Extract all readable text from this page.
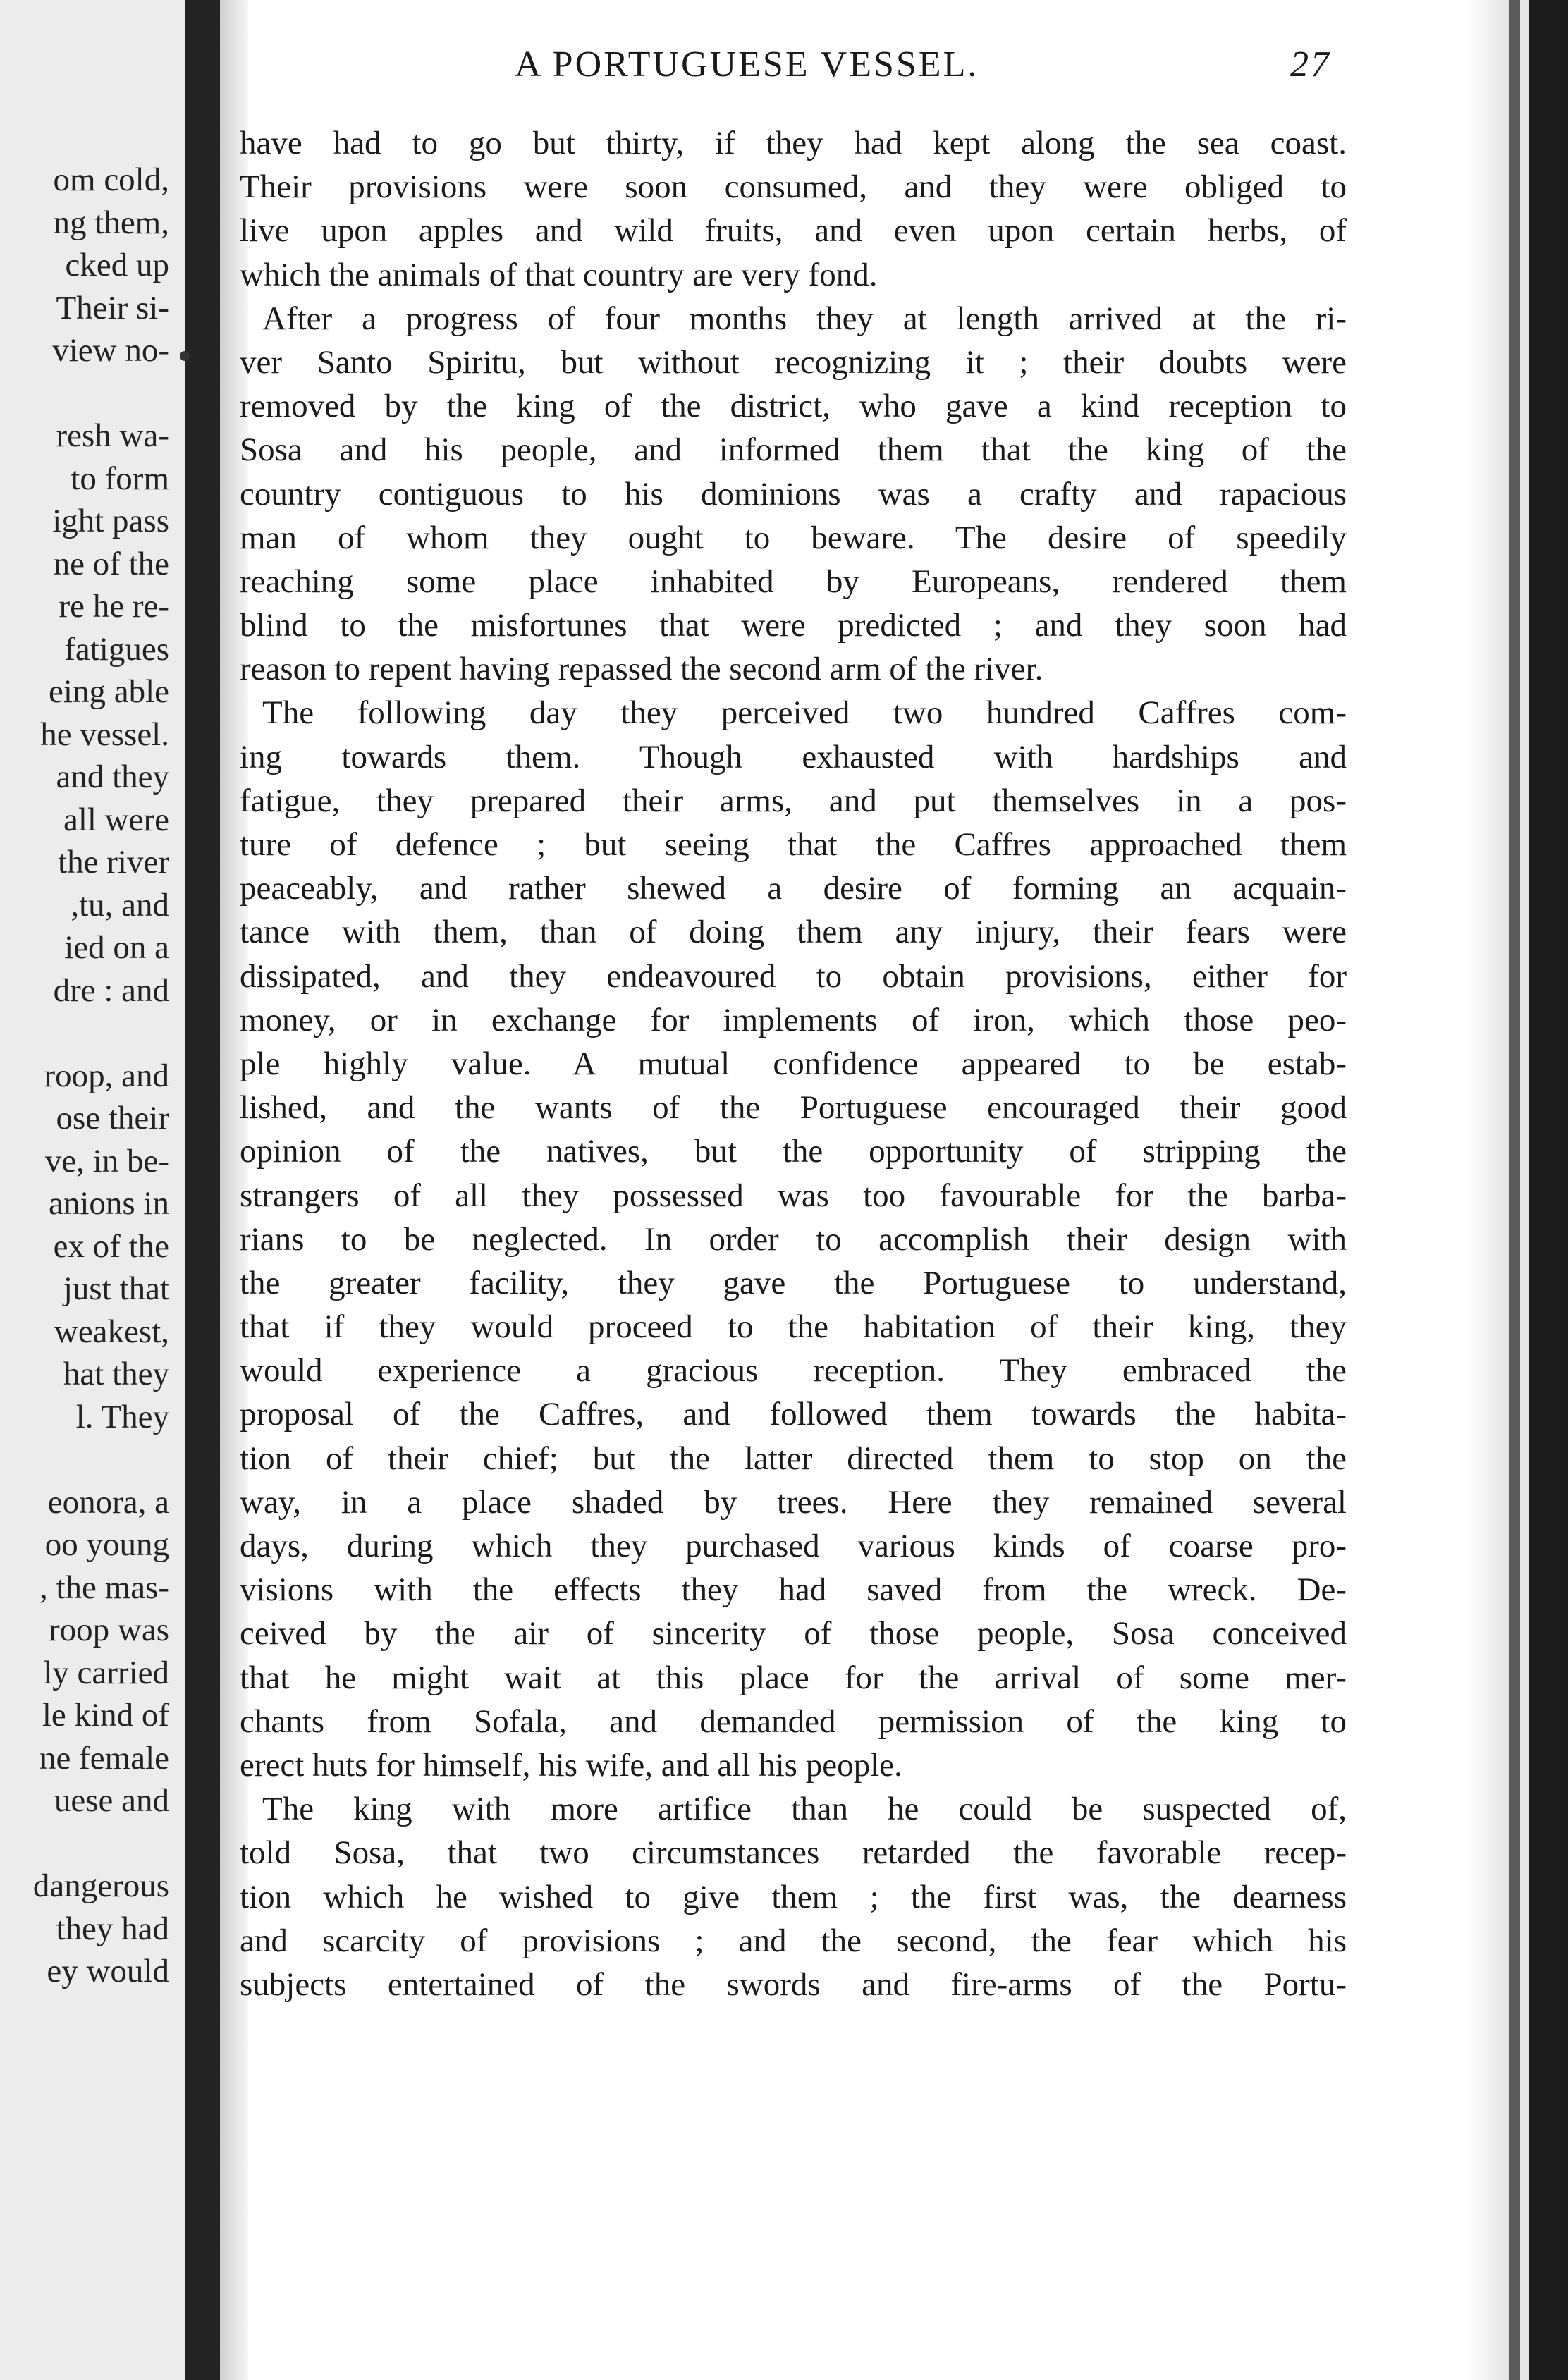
om cold,
ng them,
cked up
Their si-
view no-

resh wa-
to form
ight pass
ne of the
re he re-
fatigues
eing able
he vessel.
and they
all were
the river
,tu, and
ied on a
dre : and

roop, and
ose their
ve, in be-
anions in
ex of the
just that
weakest,
hat they
l. They

eonora, a
oo young
, the mas-
roop was
ly carried
le kind of
ne female
uese and

dangerous
they had
ey would
A PORTUGUESE VESSEL.	27
have had to go but thirty, if they had kept along the sea coast.
Their provisions were soon consumed, and they were obliged to
live upon apples and wild fruits, and even upon certain herbs, of
which the animals of that country are very fond.
After a progress of four months they at length arrived at the ri-
ver Santo Spiritu, but without recognizing it ; their doubts were
removed by the king of the district, who gave a kind reception to
Sosa and his people, and informed them that the king of the
country contiguous to his dominions was a crafty and rapacious
man of whom they ought to beware. The desire of speedily
reaching some place inhabited by Europeans, rendered them
blind to the misfortunes that were predicted ; and they soon had
reason to repent having repassed the second arm of the river.
The following day they perceived two hundred Caffres com-
ing towards them. Though exhausted with hardships and
fatigue, they prepared their arms, and put themselves in a pos-
ture of defence ; but seeing that the Caffres approached them
peaceably, and rather shewed a desire of forming an acquain-
tance with them, than of doing them any injury, their fears were
dissipated, and they endeavoured to obtain provisions, either for
money, or in exchange for implements of iron, which those peo-
ple highly value. A mutual confidence appeared to be estab-
lished, and the wants of the Portuguese encouraged their good
opinion of the natives, but the opportunity of stripping the
strangers of all they possessed was too favourable for the barba-
rians to be neglected. In order to accomplish their design with
the greater facility, they gave the Portuguese to understand,
that if they would proceed to the habitation of their king, they
would experience a gracious reception. They embraced the
proposal of the Caffres, and followed them towards the habita-
tion of their chief; but the latter directed them to stop on the
way, in a place shaded by trees. Here they remained several
days, during which they purchased various kinds of coarse pro-
visions with the effects they had saved from the wreck. De-
ceived by the air of sincerity of those people, Sosa conceived
that he might wait at this place for the arrival of some mer-
chants from Sofala, and demanded permission of the king to
erect huts for himself, his wife, and all his people.
The king with more artifice than he could be suspected of,
told Sosa, that two circumstances retarded the favorable recep-
tion which he wished to give them ; the first was, the dearness
and scarcity of provisions ; and the second, the fear which his
subjects entertained of the swords and fire-arms of the Portu-
